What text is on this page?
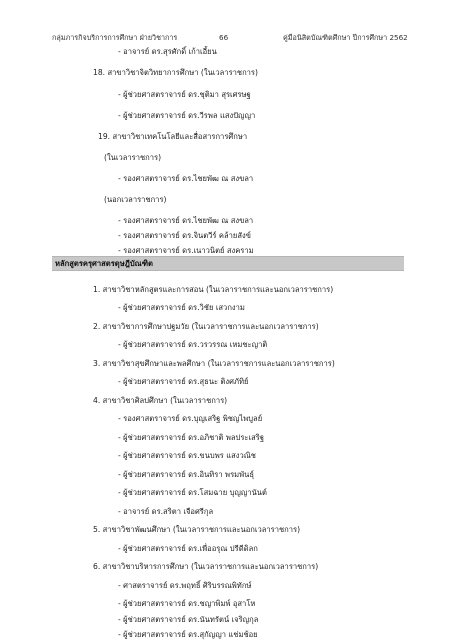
กลุ่มภารกิจบริการการศึกษา ฝ่ายวิชาการ	66	คู่มือนิสิตบัณฑิตศึกษา ปีการศึกษา 2562
- อาจารย์ ดร.สุรศักดิ์ เก้าเอี้ยน
18. สาขาวิชาจิตวิทยาการศึกษา (ในเวลาราชการ)
- ผู้ช่วยศาสตราจารย์ ดร.ชุติมา สุรเศรษฐ
- ผู้ช่วยศาสตราจารย์ ดร.วีรพล แสงปัญญา
19. สาขาวิชาเทคโนโลยีและสื่อสารการศึกษา
(ในเวลาราชการ)
- รองศาสตราจารย์ ดร.ไชยพัฒ ณ สงขลา
(นอกเวลาราชการ)
- รองศาสตราจารย์ ดร.ไชยพัฒ ณ สงขลา
- รองศาสตราจารย์ ดร.จินตวีร์ คล้ายสังข์
- รองศาสตราจารย์ ดร.เนาวนิตย์ สงคราม
หลักสูตรครุศาสตรดุษฎีบัณฑิต
1. สาขาวิชาหลักสูตรและการสอน (ในเวลาราชการและนอกเวลาราชการ)
- ผู้ช่วยศาสตราจารย์ ดร.วิชัย เสวกงาม
2. สาขาวิชาการศึกษาปฐมวัย (ในเวลาราชการและนอกเวลาราชการ)
- ผู้ช่วยศาสตราจารย์ ดร.วรวรรณ เหมชะญาติ
3. สาขาวิชาสุขศึกษาและพลศึกษา (ในเวลาราชการและนอกเวลาราชการ)
- ผู้ช่วยศาสตราจารย์ ดร.สุธนะ ติงศภัทิย์
4. สาขาวิชาศิลปศึกษา (ในเวลาราชการ)
- รองศาสตราจารย์ ดร.บุญเสริฐ พิชญไพบูลย์
- ผู้ช่วยศาสตราจารย์ ดร.อภิชาติ พลประเสริฐ
- ผู้ช่วยศาสตราจารย์ ดร.ขนบพร แสงวณิช
- ผู้ช่วยศาสตราจารย์ ดร.อินทิรา พรมพันธุ์
- ผู้ช่วยศาสตราจารย์ ดร.โสมฉาย บุญญานันต์
- อาจารย์ ดร.สริตา เจือศรีกุล
5. สาขาวิชาพัฒนศึกษา (ในเวลาราชการและนอกเวลาราชการ)
- ผู้ช่วยศาสตราจารย์ ดร.เพื่ออรุณ ปรีดีดิลก
6. สาขาวิชาบริหารการศึกษา (ในเวลาราชการและนอกเวลาราชการ)
- ศาสตราจารย์ ดร.พฤทธิ์ ศิริบรรณพิทักษ์
- ผู้ช่วยศาสตราจารย์ ดร.ชญาพิมพ์ อุสาโห
- ผู้ช่วยศาสตราจารย์ ดร.นันทรัตน์ เจริญกุล
- ผู้ช่วยศาสตราจารย์ ดร.สุกัญญา แช่มช้อย
